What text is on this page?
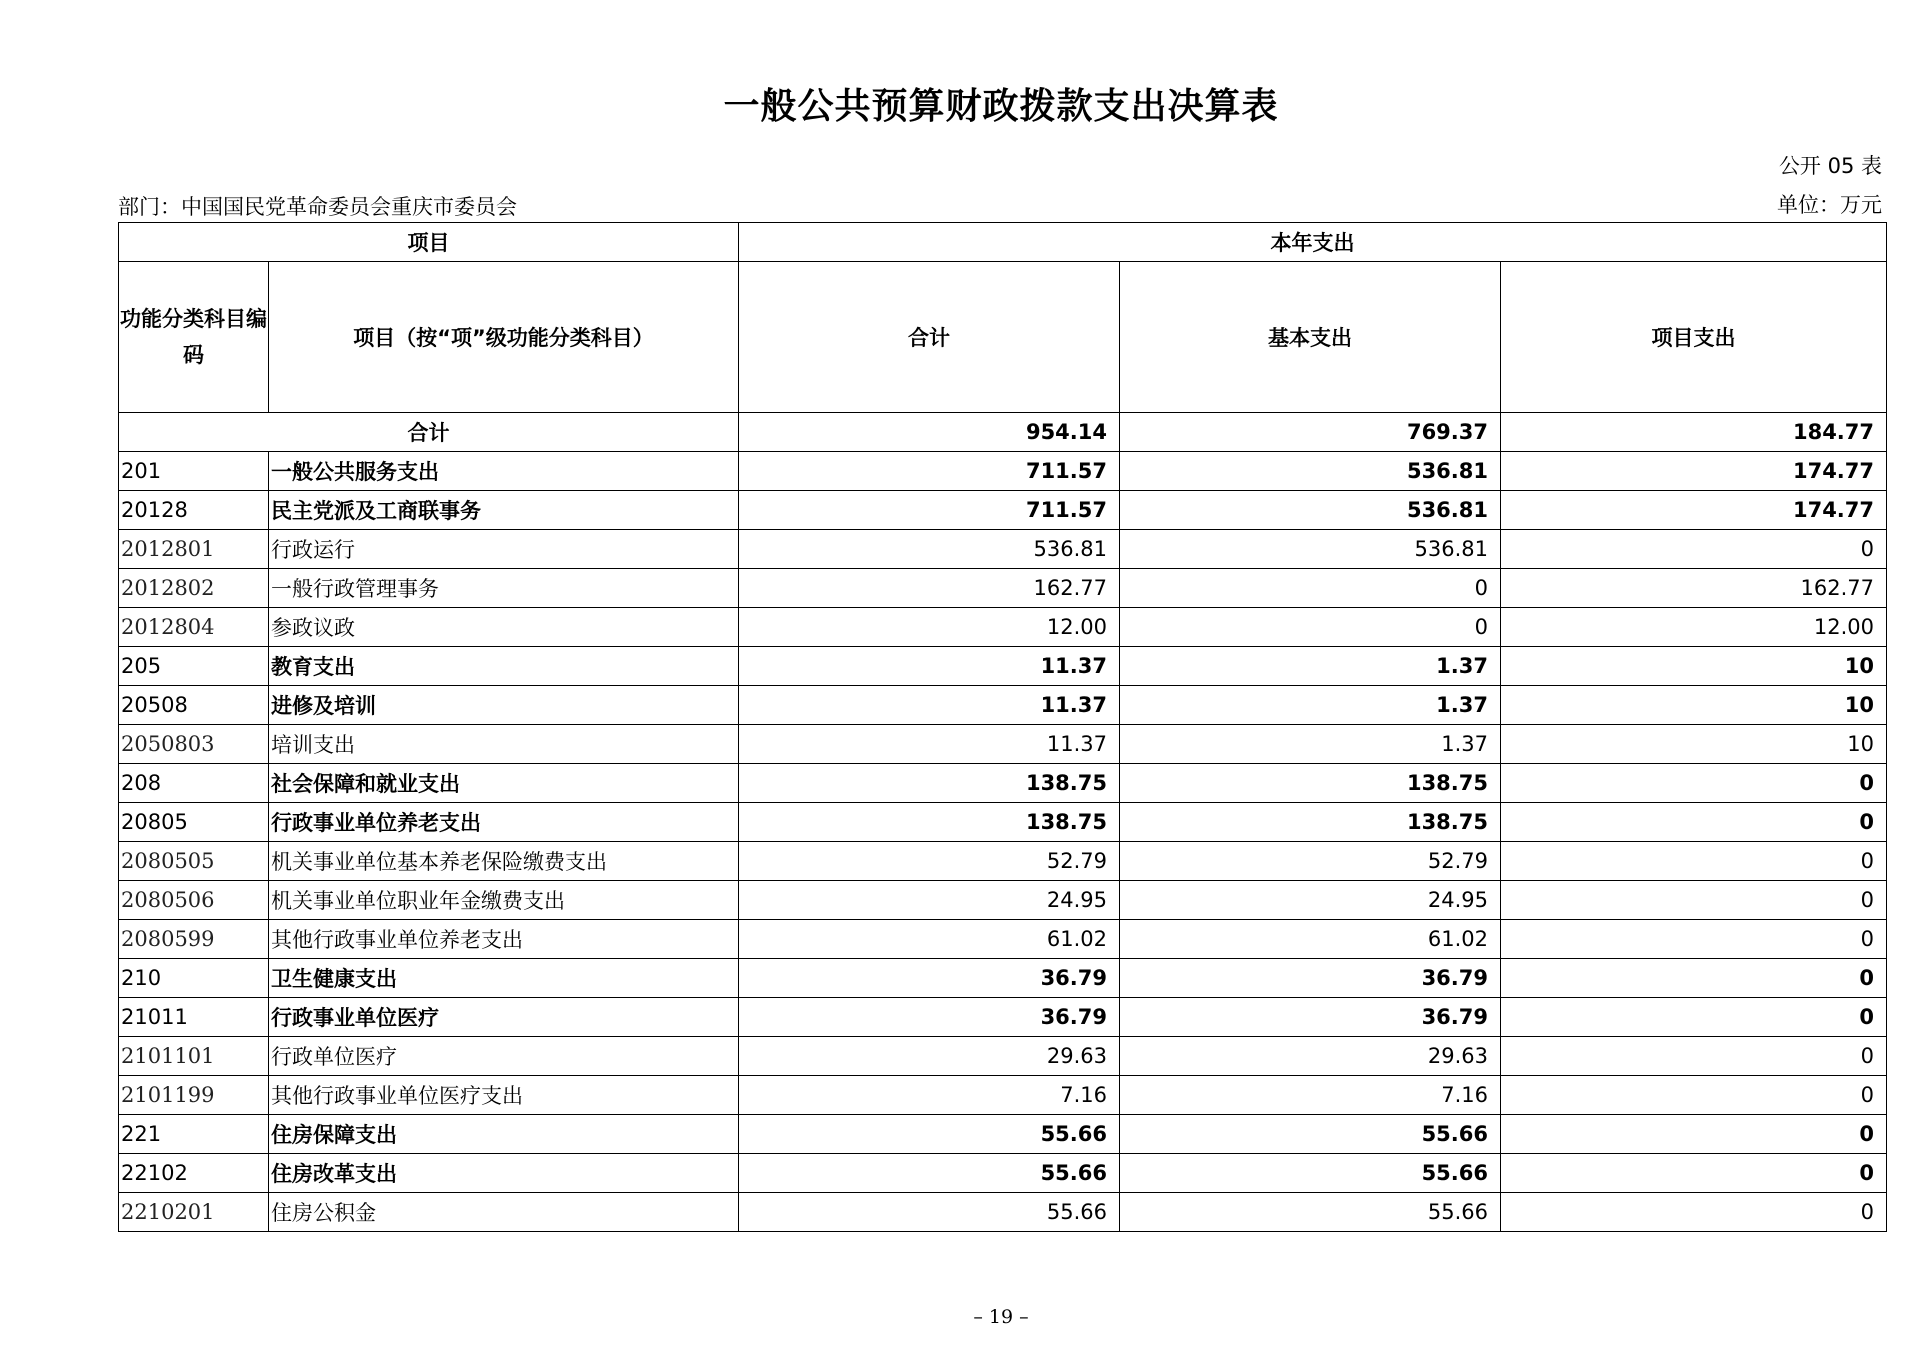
一般公共预算财政拨款支出决算表
公开 05 表
部门：中国国民党革命委员会重庆市委员会	单位：万元
项目		本年支出		
功能分类科目编码	项目（按“项”级功能分类科目）	合计	基本支出	项目支出
合计		954.14	769.37	184.77
201	一般公共服务支出	711.57	536.81	174.77
20128	民主党派及工商联事务	711.57	536.81	174.77
2012801	行政运行	536.81	536.81	0
2012802	一般行政管理事务	162.77	0	162.77
2012804	参政议政	12.00	0	12.00
205	教育支出	11.37	1.37	10
20508	进修及培训	11.37	1.37	10
2050803	培训支出	11.37	1.37	10
208	社会保障和就业支出	138.75	138.75	0
20805	行政事业单位养老支出	138.75	138.75	0
2080505	机关事业单位基本养老保险缴费支出	52.79	52.79	0
2080506	机关事业单位职业年金缴费支出	24.95	24.95	0
2080599	其他行政事业单位养老支出	61.02	61.02	0
210	卫生健康支出	36.79	36.79	0
21011	行政事业单位医疗	36.79	36.79	0
2101101	行政单位医疗	29.63	29.63	0
2101199	其他行政事业单位医疗支出	7.16	7.16	0
221	住房保障支出	55.66	55.66	0
22102	住房改革支出	55.66	55.66	0
2210201	住房公积金	55.66	55.66	0
– 19 –
